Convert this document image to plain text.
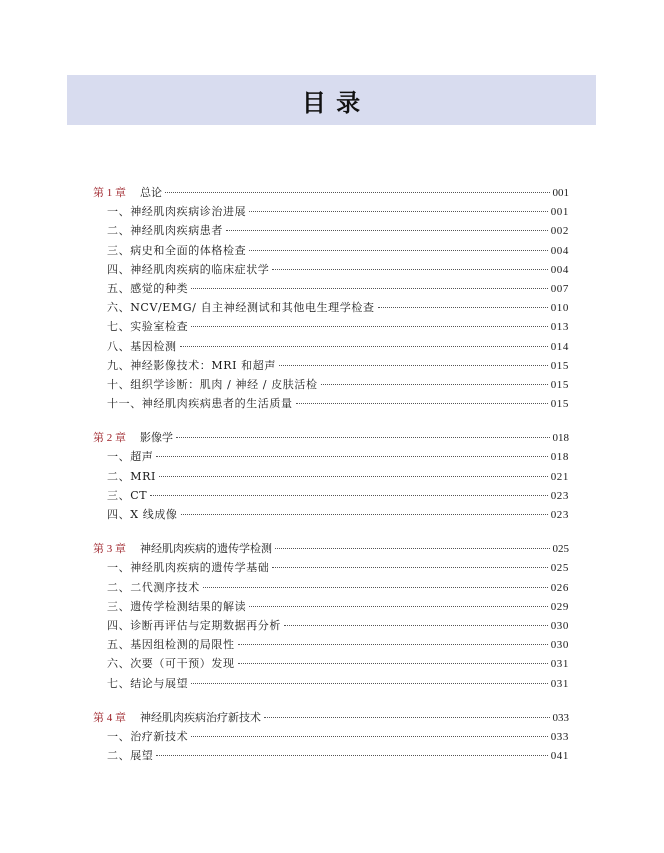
目 录
第 1 章 总论	001
一、神经肌肉疾病诊治进展	001
二、神经肌肉疾病患者	002
三、病史和全面的体格检查	004
四、神经肌肉疾病的临床症状学	004
五、感觉的种类	007
六、NCV/EMG/ 自主神经测试和其他电生理学检查	010
七、实验室检查	013
八、基因检测	014
九、神经影像技术：MRI 和超声	015
十、组织学诊断：肌肉 / 神经 / 皮肤活检	015
十一、神经肌肉疾病患者的生活质量	015
第 2 章 影像学	018
一、超声	018
二、MRI	021
三、CT	023
四、X 线成像	023
第 3 章 神经肌肉疾病的遗传学检测	025
一、神经肌肉疾病的遗传学基础	025
二、二代测序技术	026
三、遗传学检测结果的解读	029
四、诊断再评估与定期数据再分析	030
五、基因组检测的局限性	030
六、次要（可干预）发现	031
七、结论与展望	031
第 4 章 神经肌肉疾病治疗新技术	033
一、治疗新技术	033
二、展望	041
